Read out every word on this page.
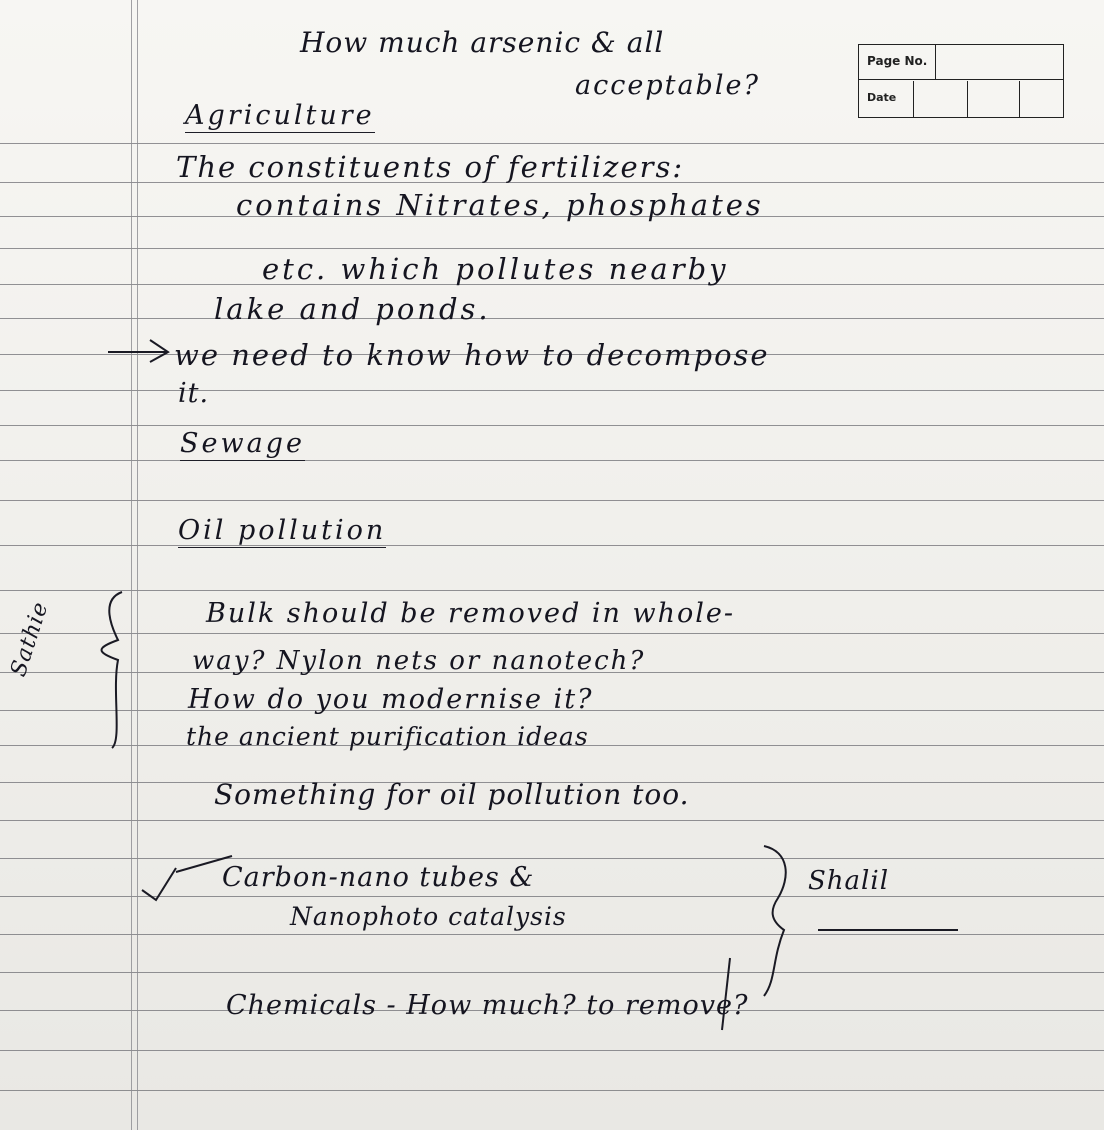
Page No.
Date
How much arsenic & all
acceptable?
Agriculture
The constituents of fertilizers:
contains Nitrates, phosphates
etc. which pollutes nearby
lake and ponds.
we need to know how to decompose
it.
Sewage
Oil pollution
Bulk should be removed in whole-
way? Nylon nets or nanotech?
How do you modernise it?
the ancient purification ideas
Something for oil pollution too.
Sathie
Carbon-nano tubes &
Nanophoto catalysis
Shalil
Chemicals - How much? to remove?
